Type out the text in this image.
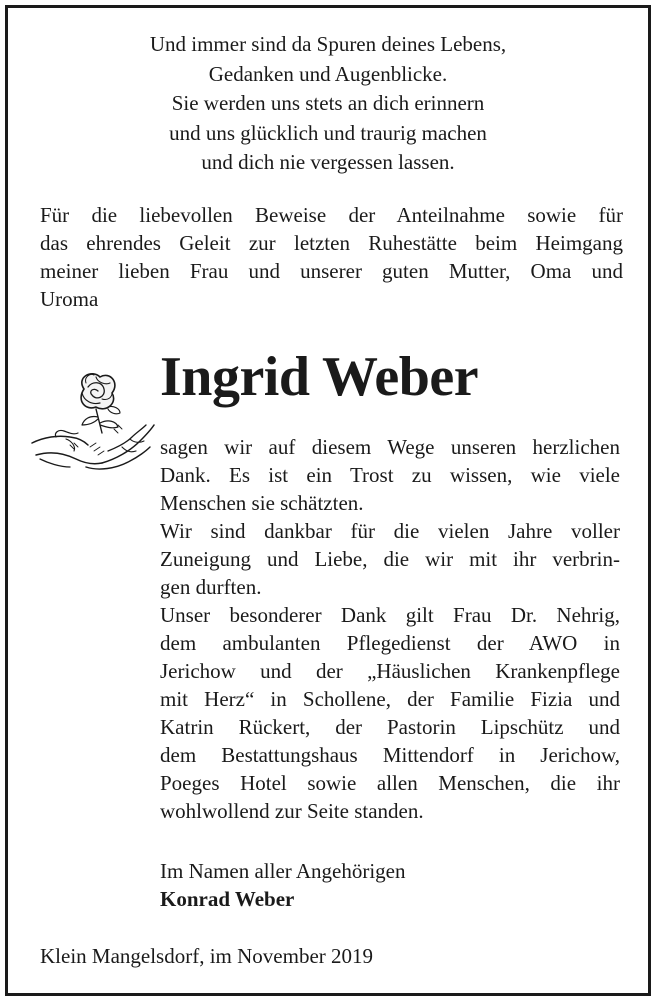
Und immer sind da Spuren deines Lebens,
Gedanken und Augenblicke.
Sie werden uns stets an dich erinnern
und uns glücklich und traurig machen
und dich nie vergessen lassen.
Für die liebevollen Beweise der Anteilnahme sowie für
das ehrendes Geleit zur letzten Ruhestätte beim Heimgang
meiner lieben Frau und unserer guten Mutter, Oma und
Uroma
Ingrid Weber
sagen wir auf diesem Wege unseren herzlichen
Dank. Es ist ein Trost zu wissen, wie viele
Menschen sie schätzten.
Wir sind dankbar für die vielen Jahre voller
Zuneigung und Liebe, die wir mit ihr verbrin-
gen durften.
Unser besonderer Dank gilt Frau Dr. Nehrig,
dem ambulanten Pflegedienst der AWO in
Jerichow und der „Häuslichen Krankenpflege
mit Herz“ in Schollene, der Familie Fizia und
Katrin Rückert, der Pastorin Lipschütz und
dem Bestattungshaus Mittendorf in Jerichow,
Poeges Hotel sowie allen Menschen, die ihr
wohlwollend zur Seite standen.
Im Namen aller Angehörigen
Konrad Weber
Klein Mangelsdorf, im November 2019
